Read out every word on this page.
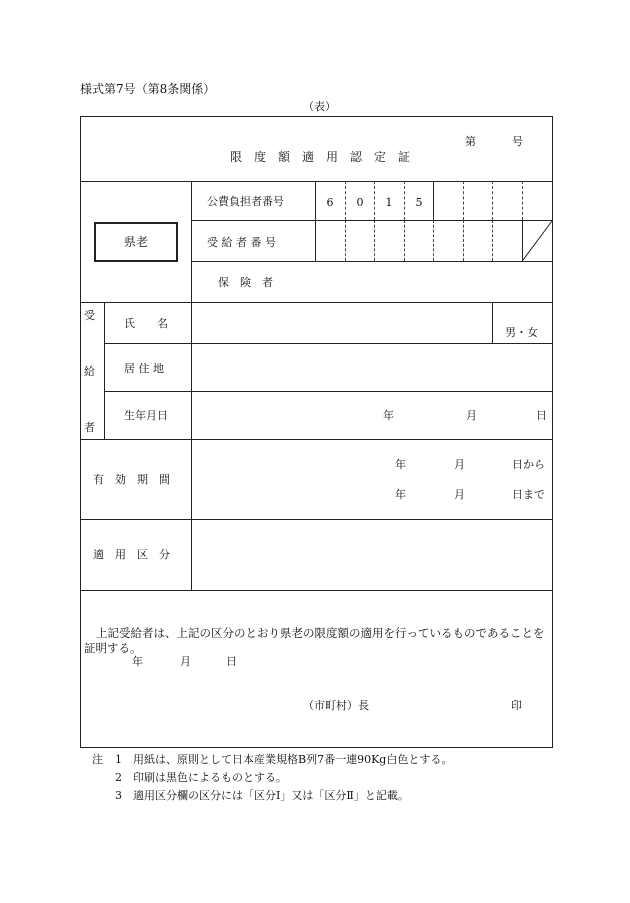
様式第7号（第8条関係）
（表）
限　度　額　適　用　認　定　証
第	号
県老
公費負担者番号	6	0	1	5
受 給 者 番 号
保　険　者
受
給
者
氏　　名
男・女
居 住 地
生年月日	年	月	日
有　効　期　間
年	月	日から
年	月	日まで
適　用　区　分
上記受給者は、上記の区分のとおり県老の限度額の適用を行っているものであることを証明する。
年	月	日
（市町村）長	印
注 1 用紙は、原則として日本産業規格B列7番一連90Kg白色とする。
2 印刷は黒色によるものとする。
3 適用区分欄の区分には「区分Ⅰ」又は「区分Ⅱ」と記載。
